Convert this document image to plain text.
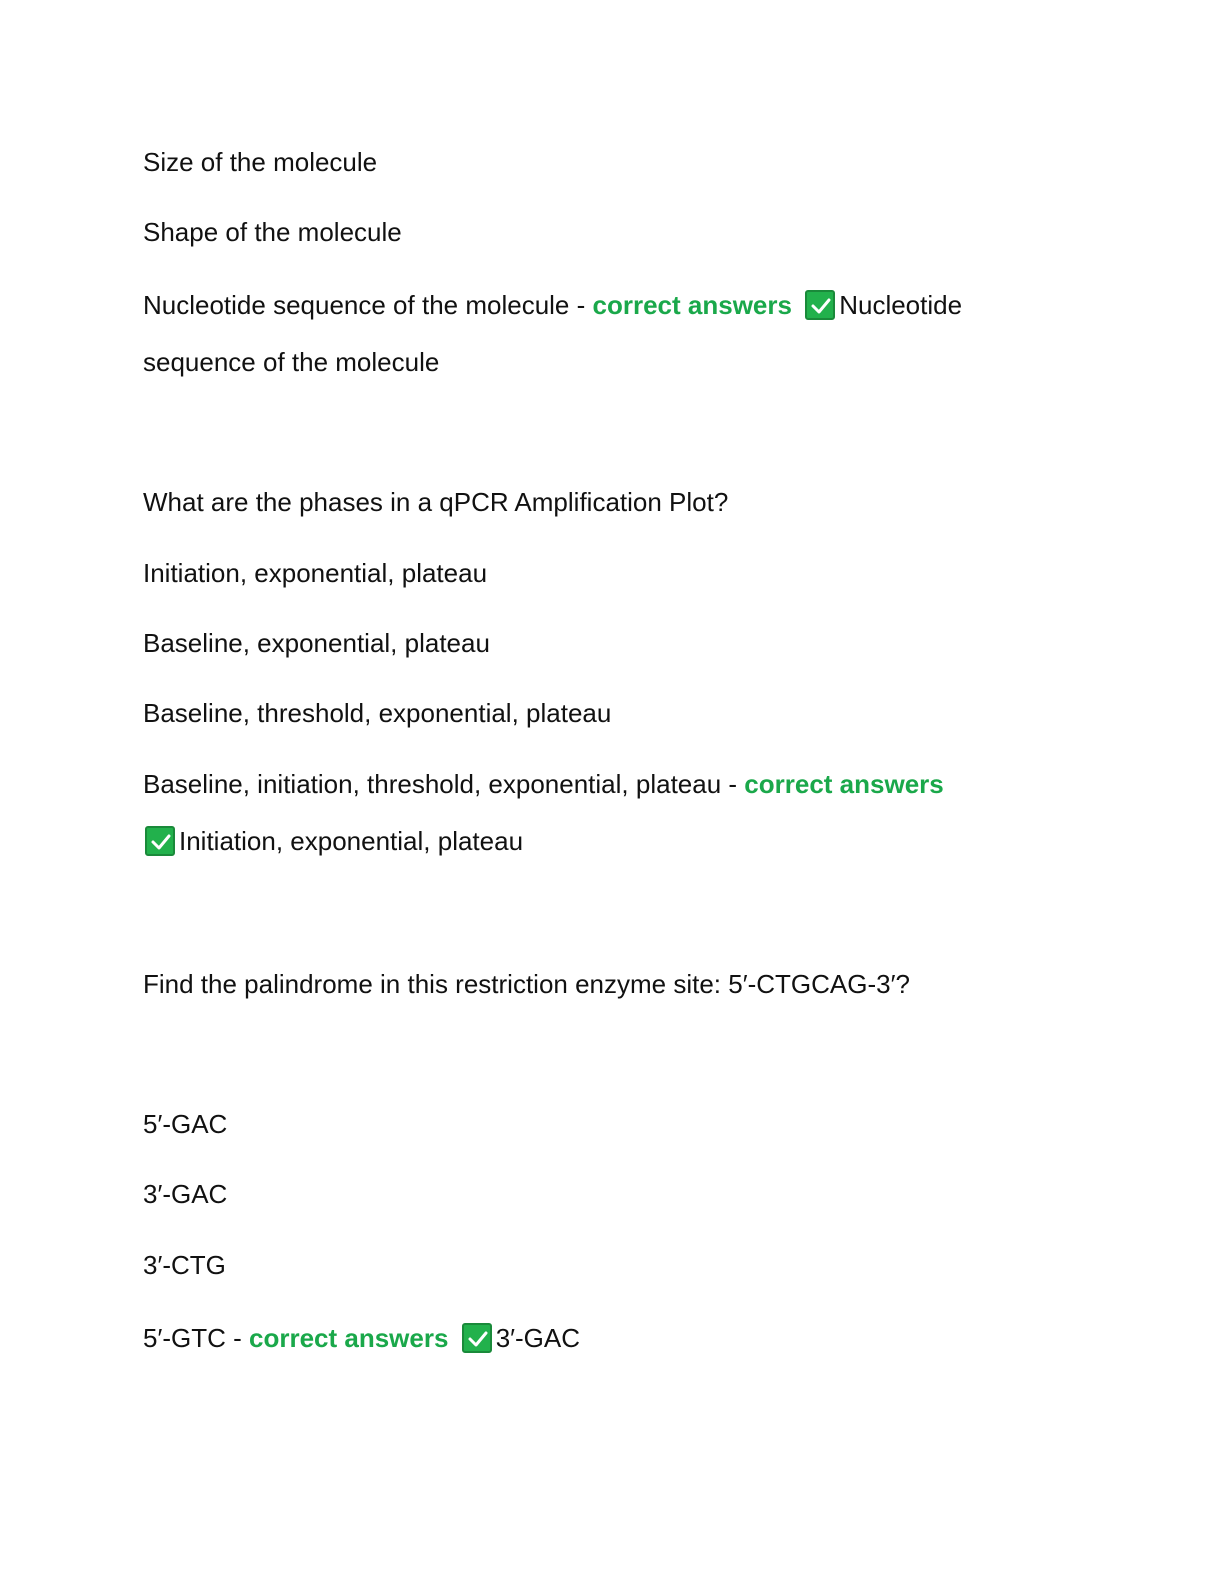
Size of the molecule
Shape of the molecule
Nucleotide sequence of the molecule - correct answers Nucleotide
sequence of the molecule
What are the phases in a qPCR Amplification Plot?
Initiation, exponential, plateau
Baseline, exponential, plateau
Baseline, threshold, exponential, plateau
Baseline, initiation, threshold, exponential, plateau - correct answers
Initiation, exponential, plateau
Find the palindrome in this restriction enzyme site: 5′-CTGCAG-3′?
5′-GAC
3′-GAC
3′-CTG
5′-GTC - correct answers 3′-GAC
